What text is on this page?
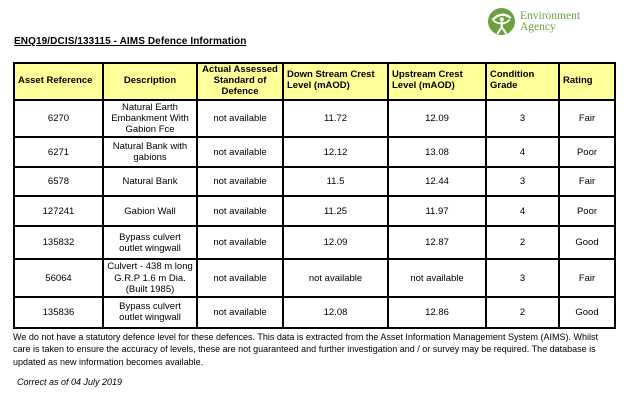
Environment
Agency
ENQ19/DCIS/133115 - AIMS Defence Information
Asset Reference	Description	Actual Assessed Standard of Defence	Down Stream Crest Level (mAOD)	Upstream Crest Level (mAOD)	Condition Grade	Rating
6270	Natural Earth Embankment With Gabion Fce	not available	11.72	12.09	3	Fair
6271	Natural Bank with gabions	not available	12.12	13.08	4	Poor
6578	Natural Bank	not available	11.5	12.44	3	Fair
127241	Gabion Wall	not available	11.25	11.97	4	Poor
135832	Bypass culvert outlet wingwall	not available	12.09	12.87	2	Good
56064	Culvert - 438 m long G.R.P 1.6 m Dia. (Built 1985)	not available	not available	not available	3	Fair
135836	Bypass culvert outlet wingwall	not available	12.08	12.86	2	Good

We do not have a statutory defence level for these defences. This data is extracted from the Asset Information Management System (AIMS). Whilst care is taken to ensure the accuracy of levels, these are not guaranteed and further investigation and / or survey may be required. The database is updated as new information becomes available.

Correct as of 04 July 2019
